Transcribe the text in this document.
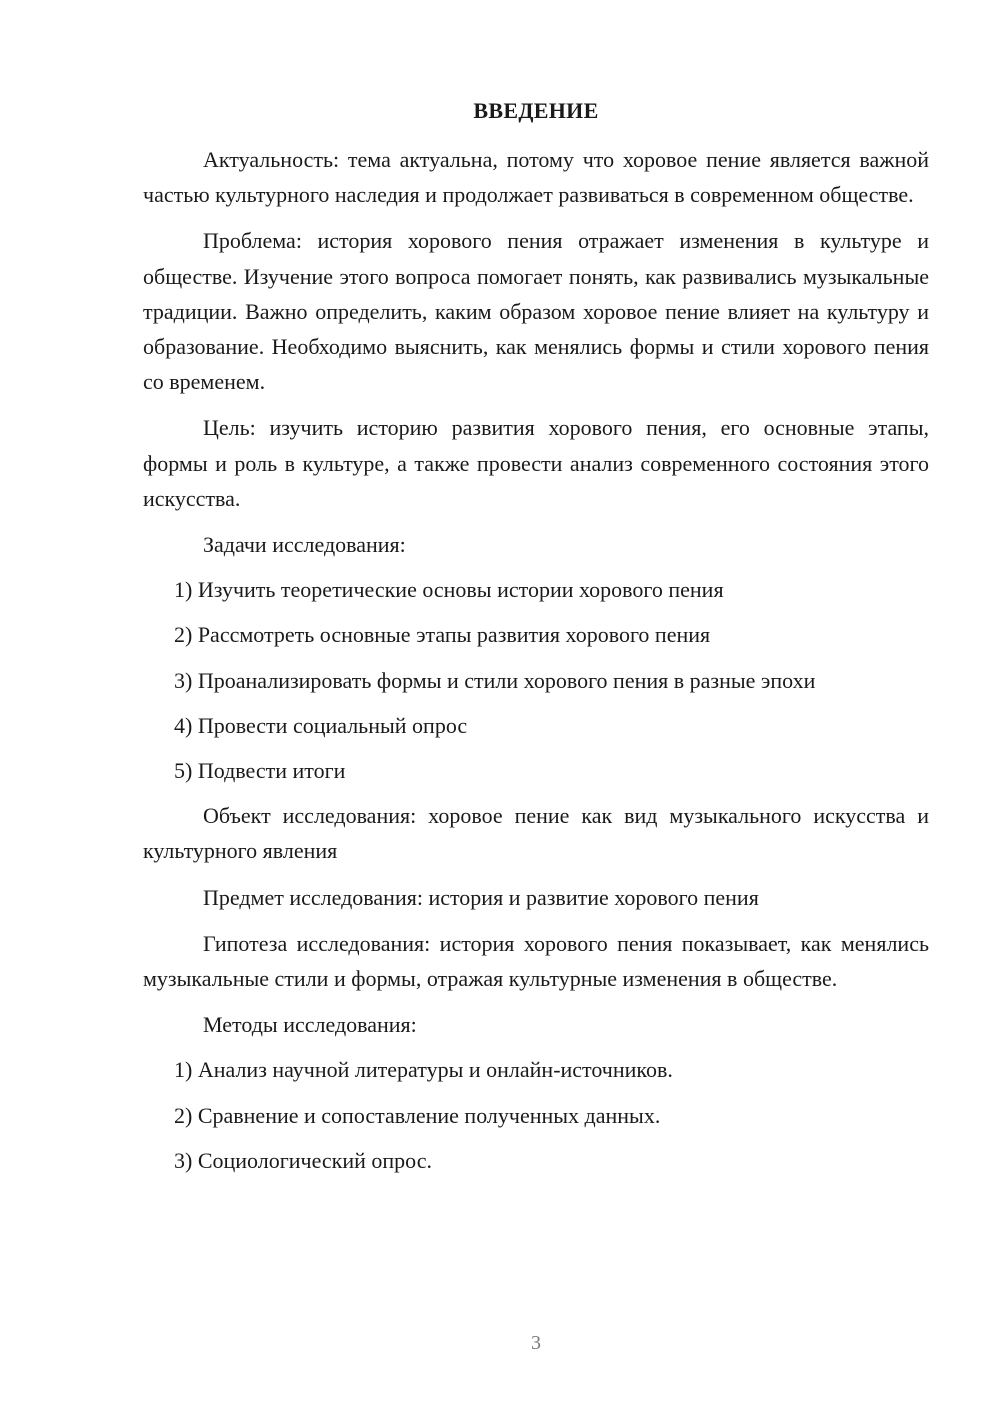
ВВЕДЕНИЕ

Актуальность: тема актуальна, потому что хоровое пение является важной частью культурного наследия и продолжает развиваться в современном обществе.

Проблема: история хорового пения отражает изменения в культуре и обществе. Изучение этого вопроса помогает понять, как развивались музыкальные традиции. Важно определить, каким образом хоровое пение влияет на культуру и образование. Необходимо выяснить, как менялись формы и стили хорового пения со временем.

Цель: изучить историю развития хорового пения, его основные этапы, формы и роль в культуре, а также провести анализ современного состояния этого искусства.

Задачи исследования:
1) Изучить теоретические основы истории хорового пения
2) Рассмотреть основные этапы развития хорового пения
3) Проанализировать формы и стили хорового пения в разные эпохи
4) Провести социальный опрос
5) Подвести итоги

Объект исследования: хоровое пение как вид музыкального искусства и культурного явления

Предмет исследования: история и развитие хорового пения

Гипотеза исследования: история хорового пения показывает, как менялись музыкальные стили и формы, отражая культурные изменения в обществе.

Методы исследования:
1) Анализ научной литературы и онлайн-источников.
2) Сравнение и сопоставление полученных данных.
3) Социологический опрос.
3
